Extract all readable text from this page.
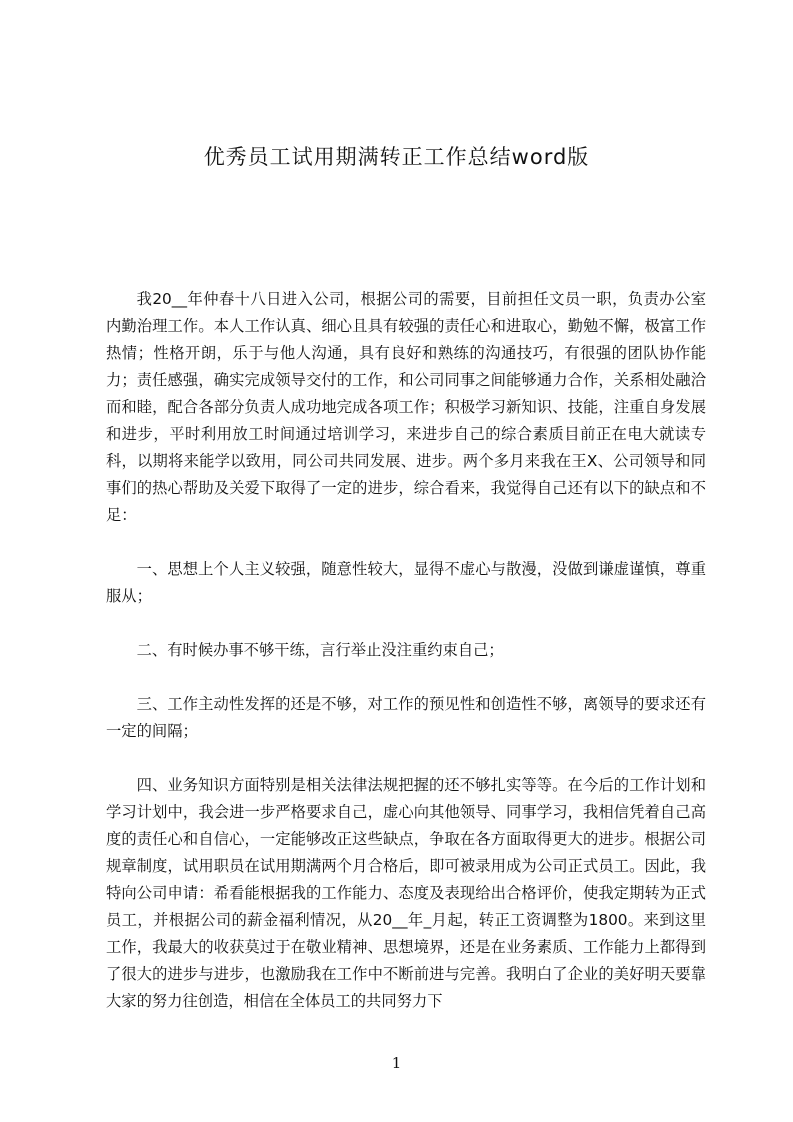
优秀员工试用期满转正工作总结word版

我20__年仲春十八日进入公司，根据公司的需要，目前担任文员一职，负责办公室内勤治理工作。本人工作认真、细心且具有较强的责任心和进取心，勤勉不懈，极富工作热情；性格开朗，乐于与他人沟通，具有良好和熟练的沟通技巧，有很强的团队协作能力；责任感强，确实完成领导交付的工作，和公司同事之间能够通力合作，关系相处融洽而和睦，配合各部分负责人成功地完成各项工作；积极学习新知识、技能，注重自身发展和进步，平时利用放工时间通过培训学习，来进步自己的综合素质目前正在电大就读专科，以期将来能学以致用，同公司共同发展、进步。两个多月来我在王X、公司领导和同事们的热心帮助及关爱下取得了一定的进步，综合看来，我觉得自己还有以下的缺点和不足：

一、思想上个人主义较强，随意性较大，显得不虚心与散漫，没做到谦虚谨慎，尊重服从；

二、有时候办事不够干练，言行举止没注重约束自己；

三、工作主动性发挥的还是不够，对工作的预见性和创造性不够，离领导的要求还有一定的间隔；

四、业务知识方面特别是相关法律法规把握的还不够扎实等等。在今后的工作计划和学习计划中，我会进一步严格要求自己，虚心向其他领导、同事学习，我相信凭着自己高度的责任心和自信心，一定能够改正这些缺点，争取在各方面取得更大的进步。根据公司规章制度，试用职员在试用期满两个月合格后，即可被录用成为公司正式员工。因此，我特向公司申请：希看能根据我的工作能力、态度及表现给出合格评价，使我定期转为正式员工，并根据公司的薪金福利情况，从20__年_月起，转正工资调整为1800。来到这里工作，我最大的收获莫过于在敬业精神、思想境界，还是在业务素质、工作能力上都得到了很大的进步与进步，也激励我在工作中不断前进与完善。我明白了企业的美好明天要靠大家的努力往创造，相信在全体员工的共同努力下

1
